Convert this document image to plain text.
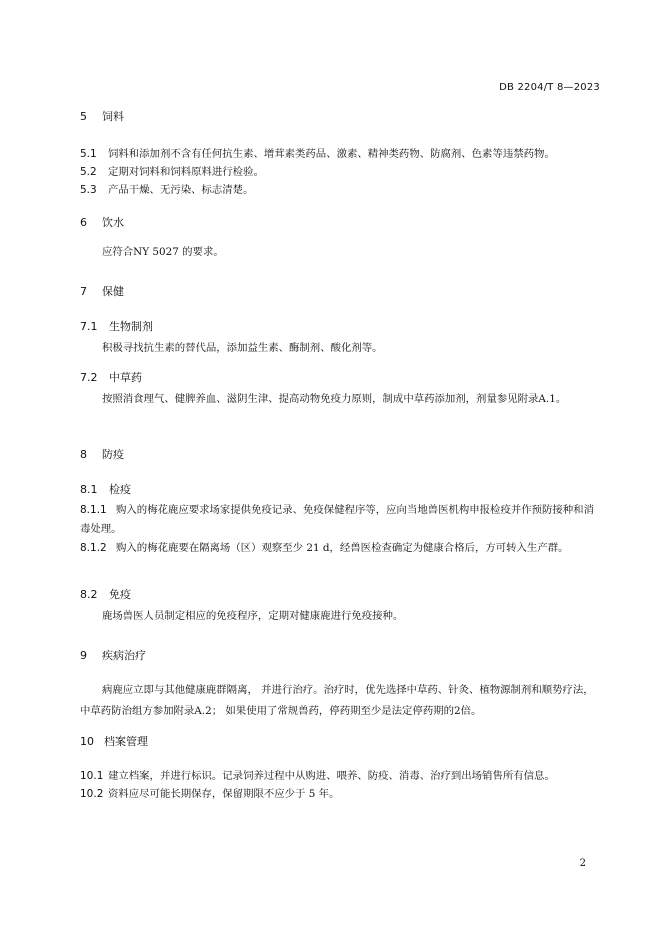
DB 2204/T 8—2023
5 饲料
5.1 饲料和添加剂不含有任何抗生素、增茸素类药品、激素、精神类药物、防腐剂、色素等违禁药物。
5.2 定期对饲料和饲料原料进行检验。
5.3 产品干燥、无污染、标志清楚。
6 饮水
应符合NY 5027 的要求。
7 保健
7.1 生物制剂
积极寻找抗生素的替代品，添加益生素、酶制剂、酸化剂等。
7.2 中草药
按照消食理气、健脾养血、滋阴生津、提高动物免疫力原则，制成中草药添加剂，剂量参见附录A.1。
8 防疫
8.1 检疫
8.1.1 购入的梅花鹿应要求场家提供免疫记录、免疫保健程序等，应向当地兽医机构申报检疫并作预防接种和消毒处理。
8.1.2 购入的梅花鹿要在隔离场（区）观察至少 21 d，经兽医检查确定为健康合格后，方可转入生产群。
8.2 免疫
鹿场兽医人员制定相应的免疫程序，定期对健康鹿进行免疫接种。
9 疾病治疗
病鹿应立即与其他健康鹿群隔离， 并进行治疗。治疗时，优先选择中草药、针灸、植物源制剂和顺势疗法，中草药防治组方参加附录A.2； 如果使用了常规兽药，停药期至少是法定停药期的2倍。
10 档案管理
10.1 建立档案，并进行标识。记录饲养过程中从购进、喂养、防疫、消毒、治疗到出场销售所有信息。
10.2 资料应尽可能长期保存，保留期限不应少于 5 年。
2
